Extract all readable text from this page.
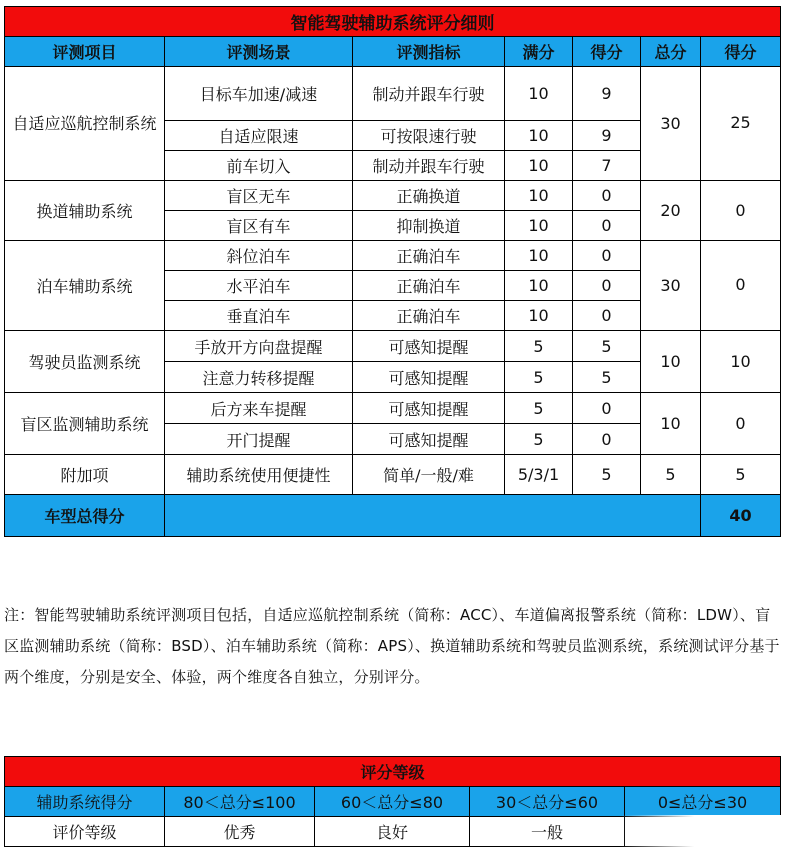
智能驾驶辅助系统评分细则						
评测项目	评测场景	评测指标	满分	得分	总分	得分
自适应巡航控制系统	目标车加速/减速	制动并跟车行驶	10	9	30	25
	自适应限速	可按限速行驶	10	9		
	前车切入	制动并跟车行驶	10	7		
换道辅助系统	盲区无车	正确换道	10	0	20	0
	盲区有车	抑制换道	10	0		
泊车辅助系统	斜位泊车	正确泊车	10	0	30	0
	水平泊车	正确泊车	10	0		
	垂直泊车	正确泊车	10	0		
驾驶员监测系统	手放开方向盘提醒	可感知提醒	5	5	10	10
	注意力转移提醒	可感知提醒	5	5		
盲区监测辅助系统	后方来车提醒	可感知提醒	5	0	10	0
	开门提醒	可感知提醒	5	0		
附加项	辅助系统使用便捷性	简单/一般/难	5/3/1	5	5	5
车型总得分						40
注：智能驾驶辅助系统评测项目包括，自适应巡航控制系统（简称：ACC）、车道偏离报警系统（简称：LDW）、盲区监测辅助系统（简称：BSD）、泊车辅助系统（简称：APS）、换道辅助系统和驾驶员监测系统，系统测试评分基于两个维度，分别是安全、体验，两个维度各自独立，分别评分。
评分等级				
辅助系统得分	80＜总分≤100	60＜总分≤80	30＜总分≤60	0≤总分≤30
评价等级	优秀	良好	一般	
